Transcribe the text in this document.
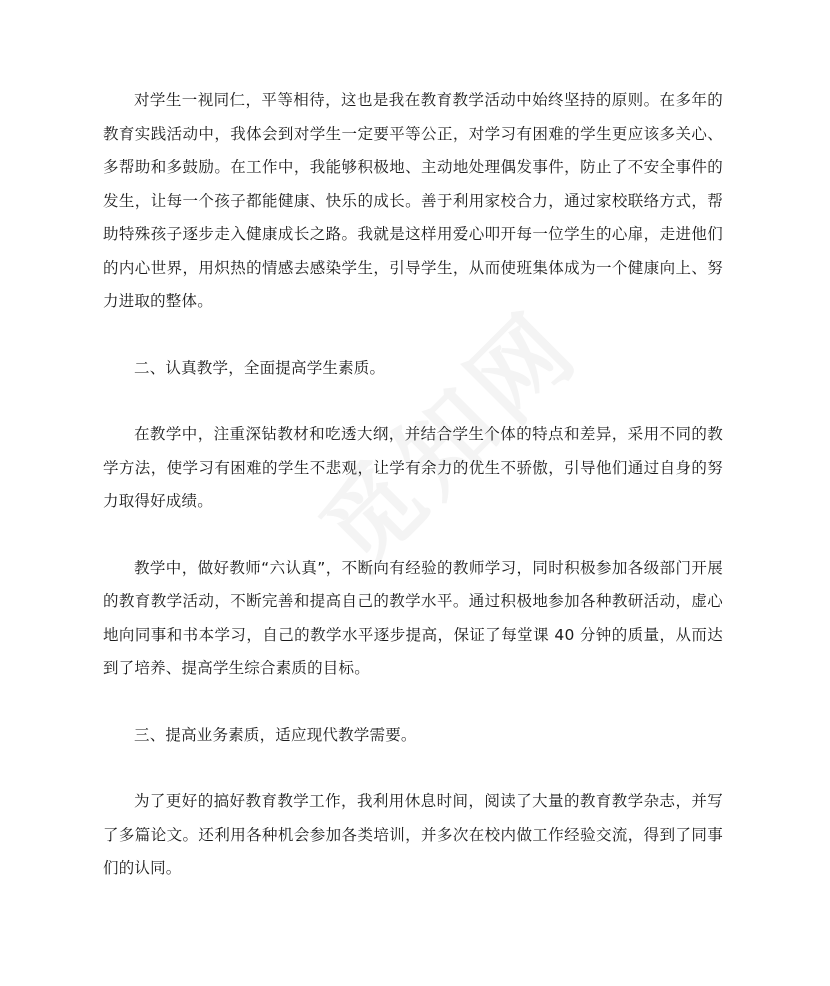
对学生一视同仁，平等相待，这也是我在教育教学活动中始终坚持的原则。在多年的教育实践活动中，我体会到对学生一定要平等公正，对学习有困难的学生更应该多关心、多帮助和多鼓励。在工作中，我能够积极地、主动地处理偶发事件，防止了不安全事件的发生，让每一个孩子都能健康、快乐的成长。善于利用家校合力，通过家校联络方式，帮助特殊孩子逐步走入健康成长之路。我就是这样用爱心叩开每一位学生的心扉，走进他们的内心世界，用炽热的情感去感染学生，引导学生，从而使班集体成为一个健康向上、努力进取的整体。

二、认真教学，全面提高学生素质。

在教学中，注重深钻教材和吃透大纲，并结合学生个体的特点和差异，采用不同的教学方法，使学习有困难的学生不悲观，让学有余力的优生不骄傲，引导他们通过自身的努力取得好成绩。

教学中，做好教师“六认真”，不断向有经验的教师学习，同时积极参加各级部门开展的教育教学活动，不断完善和提高自己的教学水平。通过积极地参加各种教研活动，虚心地向同事和书本学习，自己的教学水平逐步提高，保证了每堂课 40 分钟的质量，从而达到了培养、提高学生综合素质的目标。

三、提高业务素质，适应现代教学需要。

为了更好的搞好教育教学工作，我利用休息时间，阅读了大量的教育教学杂志，并写了多篇论文。还利用各种机会参加各类培训，并多次在校内做工作经验交流，得到了同事们的认同。
